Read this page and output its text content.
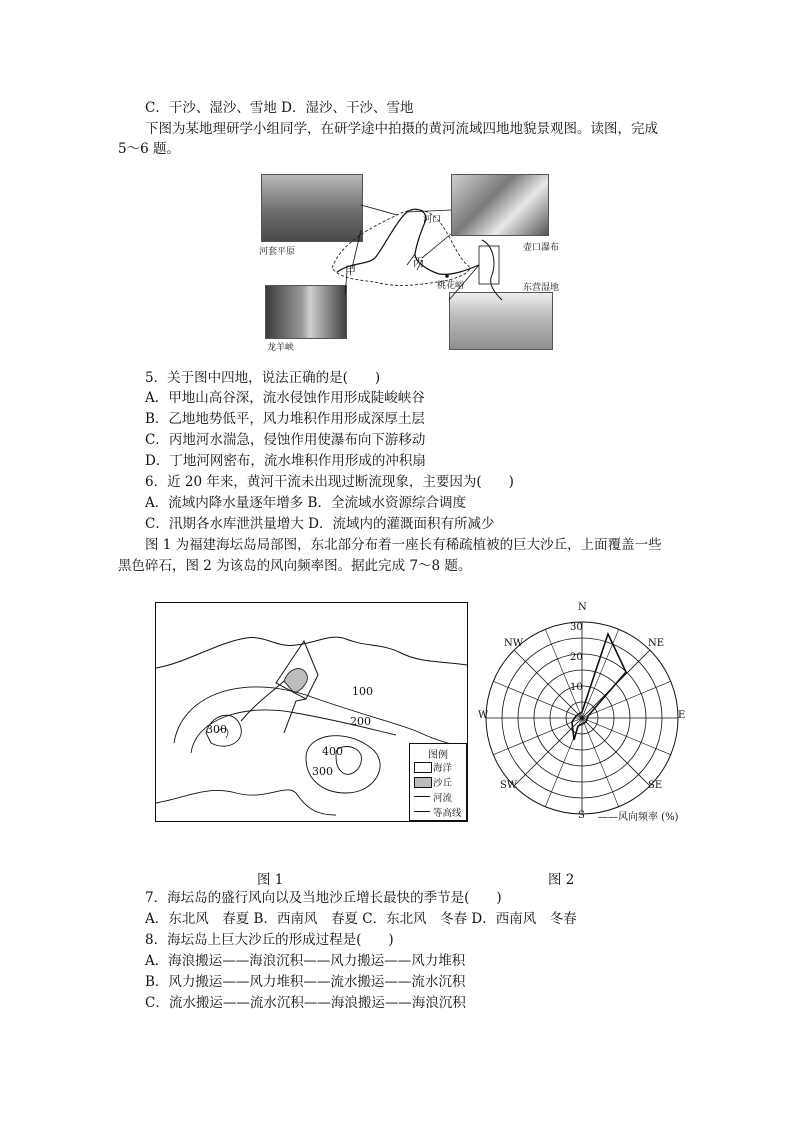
C．干沙、湿沙、雪地 D．湿沙、干沙、雪地
下图为某地理研学小组同学，在研学途中拍摄的黄河流域四地地貌景观图。读图，完成
5～6 题。
河套平原	壶口瀑布
东营湿地
龙羊峡
河口
桃花峪
甲
丙
5．关于图中四地，说法正确的是(　　)
A．甲地山高谷深，流水侵蚀作用形成陡峻峡谷
B．乙地地势低平，风力堆积作用形成深厚土层
C．丙地河水湍急，侵蚀作用使瀑布向下游移动
D．丁地河网密布，流水堆积作用形成的冲积扇
6．近 20 年来，黄河干流未出现过断流现象，主要因为(　　)
A．流域内降水量逐年增多 B．全流域水资源综合调度
C．汛期各水库泄洪量增大 D．流域内的灌溉面积有所减少
图 1 为福建海坛岛局部图，东北部分布着一座长有稀疏植被的巨大沙丘，上面覆盖一些
黑色碎石，图 2 为该岛的风向频率图。据此完成 7～8 题。
100
200
300
300
400	图例
海洋
沙丘
河流
等高线
N
NE
E
SE
S
SW
W
NW
10
20
30
——风向频率 (%)
图 1	图 2
7．海坛岛的盛行风向以及当地沙丘增长最快的季节是(　　)
A．东北风　春夏 B．西南风　春夏 C．东北风　冬春 D．西南风　冬春
8．海坛岛上巨大沙丘的形成过程是(　　)
A．海浪搬运——海浪沉积——风力搬运——风力堆积
B．风力搬运——风力堆积——流水搬运——流水沉积
C．流水搬运——流水沉积——海浪搬运——海浪沉积
